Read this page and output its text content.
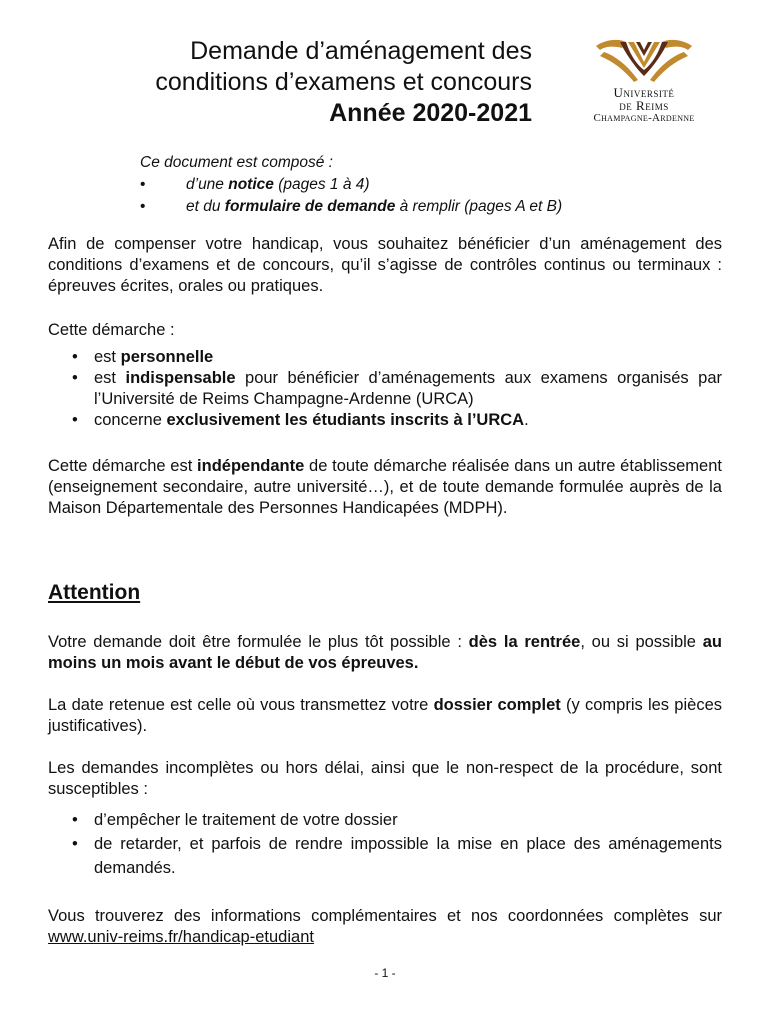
Demande d’aménagement des
conditions d’examens et concours
Année 2020-2021
Université
de Reims
Champagne-Ardenne
Ce document est composé :
• d’une notice (pages 1 à 4)
• et du formulaire de demande à remplir (pages A et B)

Afin de compenser votre handicap, vous souhaitez bénéficier d’un aménagement des conditions d’examens et de concours, qu’il s’agisse de contrôles continus ou terminaux : épreuves écrites, orales ou pratiques.

Cette démarche :

• est personnelle
• est indispensable pour bénéficier d’aménagements aux examens organisés par l’Université de Reims Champagne-Ardenne (URCA)
• concerne exclusivement les étudiants inscrits à l’URCA.

Cette démarche est indépendante de toute démarche réalisée dans un autre établissement (enseignement secondaire, autre université…), et de toute demande formulée auprès de la Maison Départementale des Personnes Handicapées (MDPH).

Attention

Votre demande doit être formulée le plus tôt possible : dès la rentrée, ou si possible au moins un mois avant le début de vos épreuves.

La date retenue est celle où vous transmettez votre dossier complet (y compris les pièces justificatives).

Les demandes incomplètes ou hors délai, ainsi que le non-respect de la procédure, sont susceptibles :

• d’empêcher le traitement de votre dossier
• de retarder, et parfois de rendre impossible la mise en place des aménagements demandés.

Vous trouverez des informations complémentaires et nos coordonnées complètes sur www.univ-reims.fr/handicap-etudiant

- 1 -
